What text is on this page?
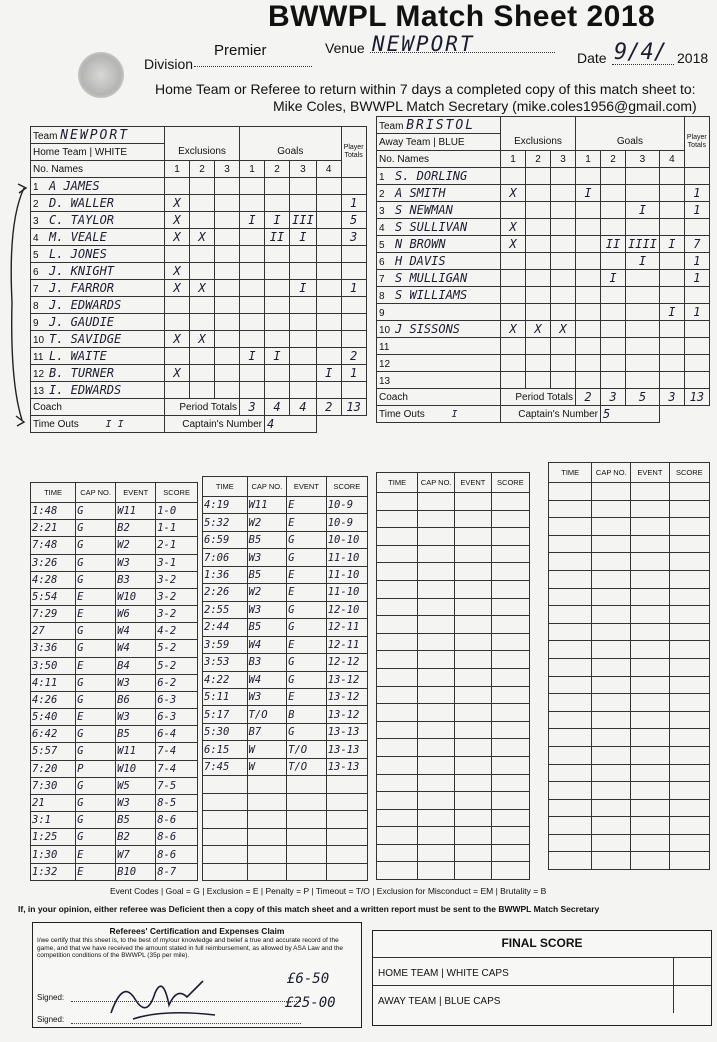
BWWPL Match Sheet 2018
Division
Premier	Venue NEWPORT
Date 9/4/ 2018
Home Team or Referee to return within 7 days a completed copy of this match sheet to:
Mike Coles, BWWPL Match Secretary (mike.coles1956@gmail.com)
Team NEWPORT								Player Totals
Home Team | WHITE	Exclusions			Goals				
No. Names	1	2	3	1	2	3	4	
1 A JAMES								
2 D. WALLER	X							1
3 C. TAYLOR	X			I	I	III		5
4 M. VEALE	X	X			II	I		3
5 L. JONES								
6 J. KNIGHT	X							
7 J. FARROR	X	X				I		1
8 J. EDWARDS								
9 J. GAUDIE								
10 T. SAVIDGE	X	X						
11 L. WAITE				I	I			2
12 B. TURNER	X						I	1
13 I. EDWARDS								
Coach	Period Totals			3	4	4	2	13
Time Outs I I	Captain's Number				4			
Team BRISTOL								Player Totals
Away Team | BLUE	Exclusions			Goals				
No. Names	1	2	3	1	2	3	4	
1 S. DORLING								
2 A SMITH	X			I				1
3 S NEWMAN						I		1
4 S SULLIVAN	X							
5 N BROWN	X				II	IIII	I	7
6 H DAVIS						I		1
7 S MULLIGAN					I			1
8 S WILLIAMS								
9							I	1
10 J SISSONS	X	X	X					
11								
12								
13								
Coach	Period Totals			2	3	5	3	13
Time Outs I	Captain's Number				5			
TIME	CAP NO.	EVENT	SCORE
1:48	G	W11	1-0
2:21	G	B2	1-1
7:48	G	W2	2-1
3:26	G	W3	3-1
4:28	G	B3	3-2
5:54	E	W10	3-2
7:29	E	W6	3-2
27	G	W4	4-2
3:36	G	W4	5-2
3:50	E	B4	5-2
4:11	G	W3	6-2
4:26	G	B6	6-3
5:40	E	W3	6-3
6:42	G	B5	6-4
5:57	G	W11	7-4
7:20	P	W10	7-4
7:30	G	W5	7-5
21	G	W3	8-5
3:1	G	B5	8-6
1:25	G	B2	8-6
1:30	E	W7	8-6
1:32	E	B10	8-7
TIME	CAP NO.	EVENT	SCORE
4:19	W11	E	10-9
5:32	W2	E	10-9
6:59	B5	G	10-10
7:06	W3	G	11-10
1:36	B5	E	11-10
2:26	W2	E	11-10
2:55	W3	G	12-10
2:44	B5	G	12-11
3:59	W4	E	12-11
3:53	B3	G	12-12
4:22	W4	G	13-12
5:11	W3	E	13-12
5:17	T/O	B	13-12
5:30	B7	G	13-13
6:15	W	T/O	13-13
7:45	W	T/O	13-13

TIME	CAP NO.	EVENT	SCORE

TIME	CAP NO.	EVENT	SCORE

Event Codes | Goal = G | Exclusion = E | Penalty = P | Timeout = T/O | Exclusion for Misconduct = EM | Brutality = B
If, in your opinion, either referee was Deficient then a copy of this match sheet and a written report must be sent to the BWWPL Match Secretary
Referees' Certification and Expenses Claim
I/we certify that this sheet is, to the best of my/our knowledge and belief a true and accurate record of the game, and that we have received the amount stated in full reimbursement, as allowed by ASA Law and the competition conditions of the BWWPL (35p per mile).
Signed:
Signed:
£6-50
£25-00
FINAL SCORE
HOME TEAM | WHITE CAPS
AWAY TEAM | BLUE CAPS
